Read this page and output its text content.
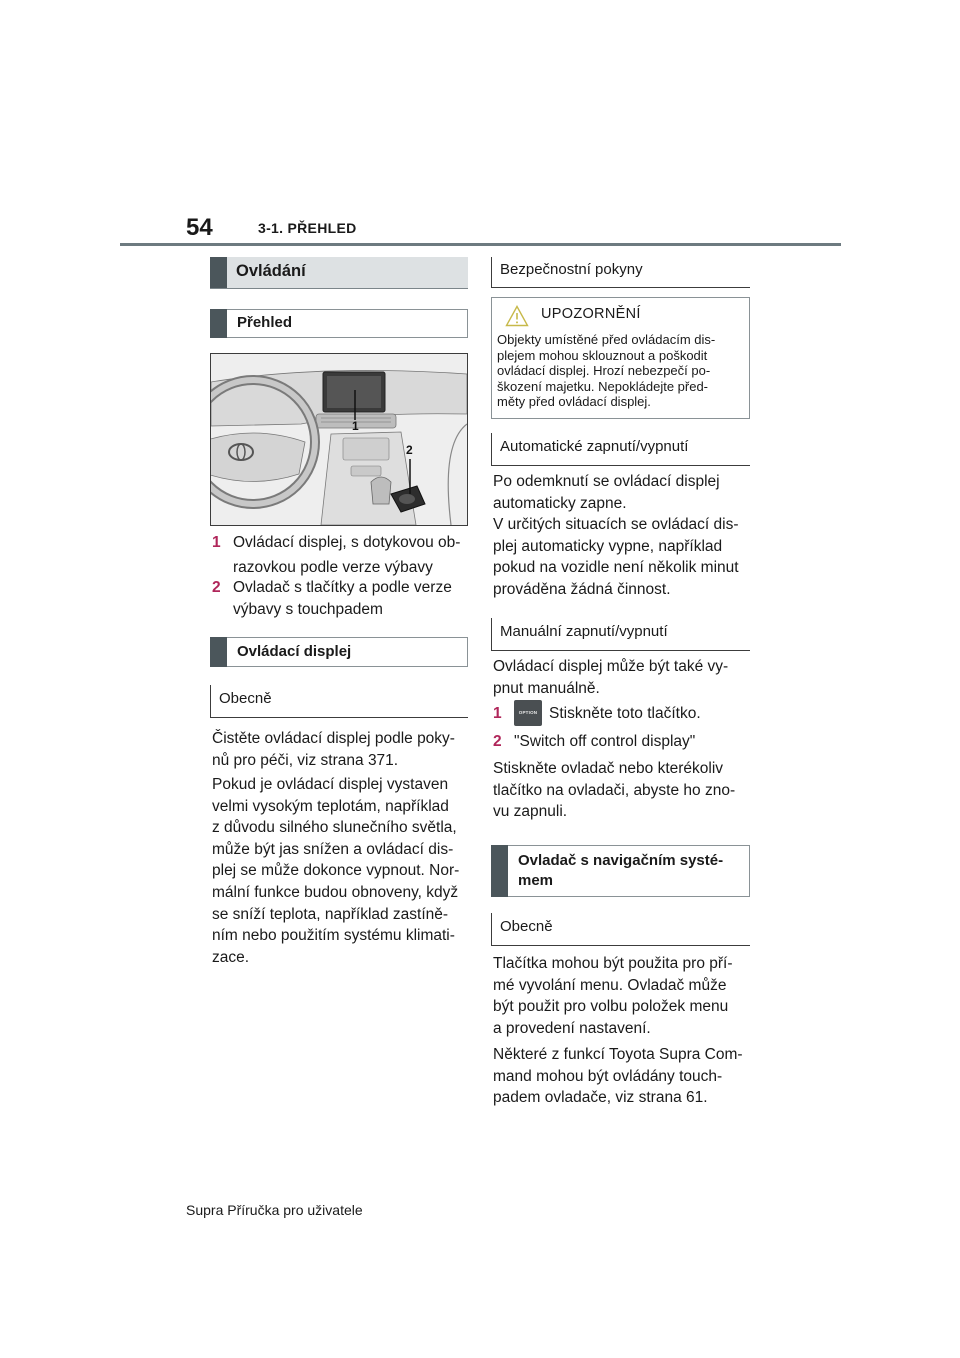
54	3-1. PŘEHLED
Ovládání
Přehled
1
2
1 Ovládací displej, s dotykovou ob-
razovkou podle verze výbavy
2 Ovladač s tlačítky a podle verze
výbavy s touchpadem
Ovládací displej
Obecně
Čistěte ovládací displej podle poky-
nů pro péči, viz strana 371.
Pokud je ovládací displej vystaven
velmi vysokým teplotám, například
z důvodu silného slunečního světla,
může být jas snížen a ovládací dis-
plej se může dokonce vypnout. Nor-
mální funkce budou obnoveny, když
se sníží teplota, například zastíně-
ním nebo použitím systému klimati-
zace.
Bezpečnostní pokyny
UPOZORNĚNÍ
Objekty umístěné před ovládacím dis-
plejem mohou sklouznout a poškodit
ovládací displej. Hrozí nebezpečí po-
škození majetku. Nepokládejte před-
měty před ovládací displej.
Automatické zapnutí/vypnutí
Po odemknutí se ovládací displej
automaticky zapne.
V určitých situacích se ovládací dis-
plej automaticky vypne, například
pokud na vozidle není několik minut
prováděna žádná činnost.
Manuální zapnutí/vypnutí
Ovládací displej může být také vy-
pnut manuálně.
1	Stiskněte toto tlačítko.
OPTION
2 "Switch off control display"
Stiskněte ovladač nebo kterékoliv
tlačítko na ovladači, abyste ho zno-
vu zapnuli.
Ovladač s navigačním systé-
mem
Obecně
Tlačítka mohou být použita pro pří-
mé vyvolání menu. Ovladač může
být použit pro volbu položek menu
a provedení nastavení.
Některé z funkcí Toyota Supra Com-
mand mohou být ovládány touch-
padem ovladače, viz strana 61.
Supra Příručka pro uživatele
